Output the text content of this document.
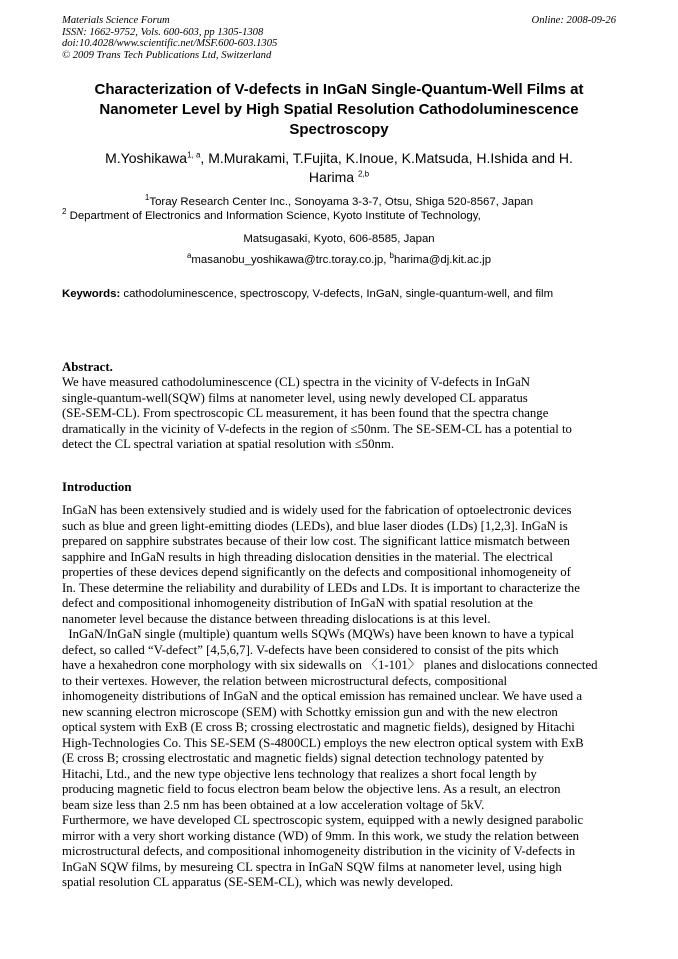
Materials Science Forum
ISSN: 1662-9752, Vols. 600-603, pp 1305-1308
doi:10.4028/www.scientific.net/MSF.600-603.1305
© 2009 Trans Tech Publications Ltd, Switzerland
Online: 2008-09-26
Characterization of V-defects in InGaN Single-Quantum-Well Films at
Nanometer Level by High Spatial Resolution Cathodoluminescence
Spectroscopy
M.Yoshikawa$^{1, a}$, M.Murakami, T.Fujita, K.Inoue, K.Matsuda, H.Ishida and H.
Harima $^{2,b}$
$^1$Toray Research Center Inc., Sonoyama 3-3-7, Otsu, Shiga 520-8567, Japan
$^2$ Department of Electronics and Information Science, Kyoto Institute of Technology,
Matsugasaki, Kyoto, 606-8585, Japan
$^a$masanobu_yoshikawa@trc.toray.co.jp, $^b$harima@dj.kit.ac.jp
Keywords: cathodoluminescence, spectroscopy, V-defects, InGaN, single-quantum-well, and film
Abstract.
We have measured cathodoluminescence (CL) spectra in the vicinity of V-defects in InGaN
single-quantum-well(SQW) films at nanometer level, using newly developed CL apparatus
(SE-SEM-CL). From spectroscopic CL measurement, it has been found that the spectra change
dramatically in the vicinity of V-defects in the region of ≤50nm. The SE-SEM-CL has a potential to
detect the CL spectral variation at spatial resolution with ≤50nm.
Introduction
InGaN has been extensively studied and is widely used for the fabrication of optoelectronic devices
such as blue and green light-emitting diodes (LEDs), and blue laser diodes (LDs) [1,2,3]. InGaN is
prepared on sapphire substrates because of their low cost. The significant lattice mismatch between
sapphire and InGaN results in high threading dislocation densities in the material. The electrical
properties of these devices depend significantly on the defects and compositional inhomogeneity of
In. These determine the reliability and durability of LEDs and LDs. It is important to characterize the
defect and compositional inhomogeneity distribution of InGaN with spatial resolution at the
nanometer level because the distance between threading dislocations is at this level.
InGaN/InGaN single (multiple) quantum wells SQWs (MQWs) have been known to have a typical
defect, so called “V-defect” [4,5,6,7]. V-defects have been considered to consist of the pits which
have a hexahedron cone morphology with six sidewalls on 〈1-101〉 planes and dislocations connected
to their vertexes. However, the relation between microstructural defects, compositional
inhomogeneity distributions of InGaN and the optical emission has remained unclear. We have used a
new scanning electron microscope (SEM) with Schottky emission gun and with the new electron
optical system with ExB (E cross B; crossing electrostatic and magnetic fields), designed by Hitachi
High-Technologies Co. This SE-SEM (S-4800CL) employs the new electron optical system with ExB
(E cross B; crossing electrostatic and magnetic fields) signal detection technology patented by
Hitachi, Ltd., and the new type objective lens technology that realizes a short focal length by
producing magnetic field to focus electron beam below the objective lens. As a result, an electron
beam size less than 2.5 nm has been obtained at a low acceleration voltage of 5kV.
Furthermore, we have developed CL spectroscopic system, equipped with a newly designed parabolic
mirror with a very short working distance (WD) of 9mm. In this work, we study the relation between
microstructural defects, and compositional inhomogeneity distribution in the vicinity of V-defects in
InGaN SQW films, by mesureing CL spectra in InGaN SQW films at nanometer level, using high
spatial resolution CL apparatus (SE-SEM-CL), which was newly developed.
